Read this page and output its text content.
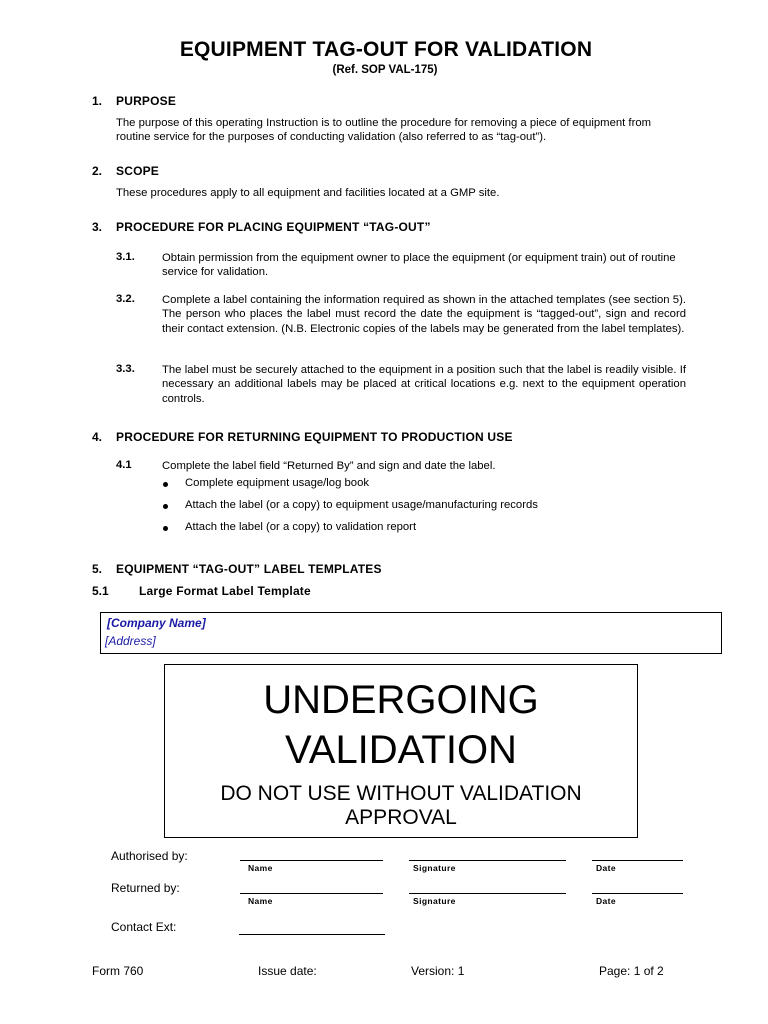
EQUIPMENT TAG-OUT FOR VALIDATION
(Ref. SOP VAL-175)
1. PURPOSE
The purpose of this operating Instruction is to outline the procedure for removing a piece of equipment from routine service for the purposes of conducting validation (also referred to as “tag-out”).
2. SCOPE
These procedures apply to all equipment and facilities located at a GMP site.
3. PROCEDURE FOR PLACING EQUIPMENT “TAG-OUT”
3.1. Obtain permission from the equipment owner to place the equipment (or equipment train) out of routine service for validation.
3.2. Complete a label containing the information required as shown in the attached templates (see section 5). The person who places the label must record the date the equipment is “tagged-out”, sign and record their contact extension. (N.B. Electronic copies of the labels may be generated from the label templates).
3.3. The label must be securely attached to the equipment in a position such that the label is readily visible. If necessary an additional labels may be placed at critical locations e.g. next to the equipment operation controls.
4. PROCEDURE FOR RETURNING EQUIPMENT TO PRODUCTION USE
4.1	Complete the label field “Returned By” and sign and date the label.
Complete equipment usage/log book
Attach the label (or a copy) to equipment usage/manufacturing records
Attach the label (or a copy) to validation report
5. EQUIPMENT “TAG-OUT” LABEL TEMPLATES
5.1	Large Format Label Template
[Company Name]
[Address]
UNDERGOING
VALIDATION
DO NOT USE WITHOUT VALIDATION
APPROVAL
Authorised by:
Name	Signature	Date
Returned by:
Name	Signature	Date
Contact Ext:
Form 760	Issue date:	Version: 1	Page: 1 of 2
